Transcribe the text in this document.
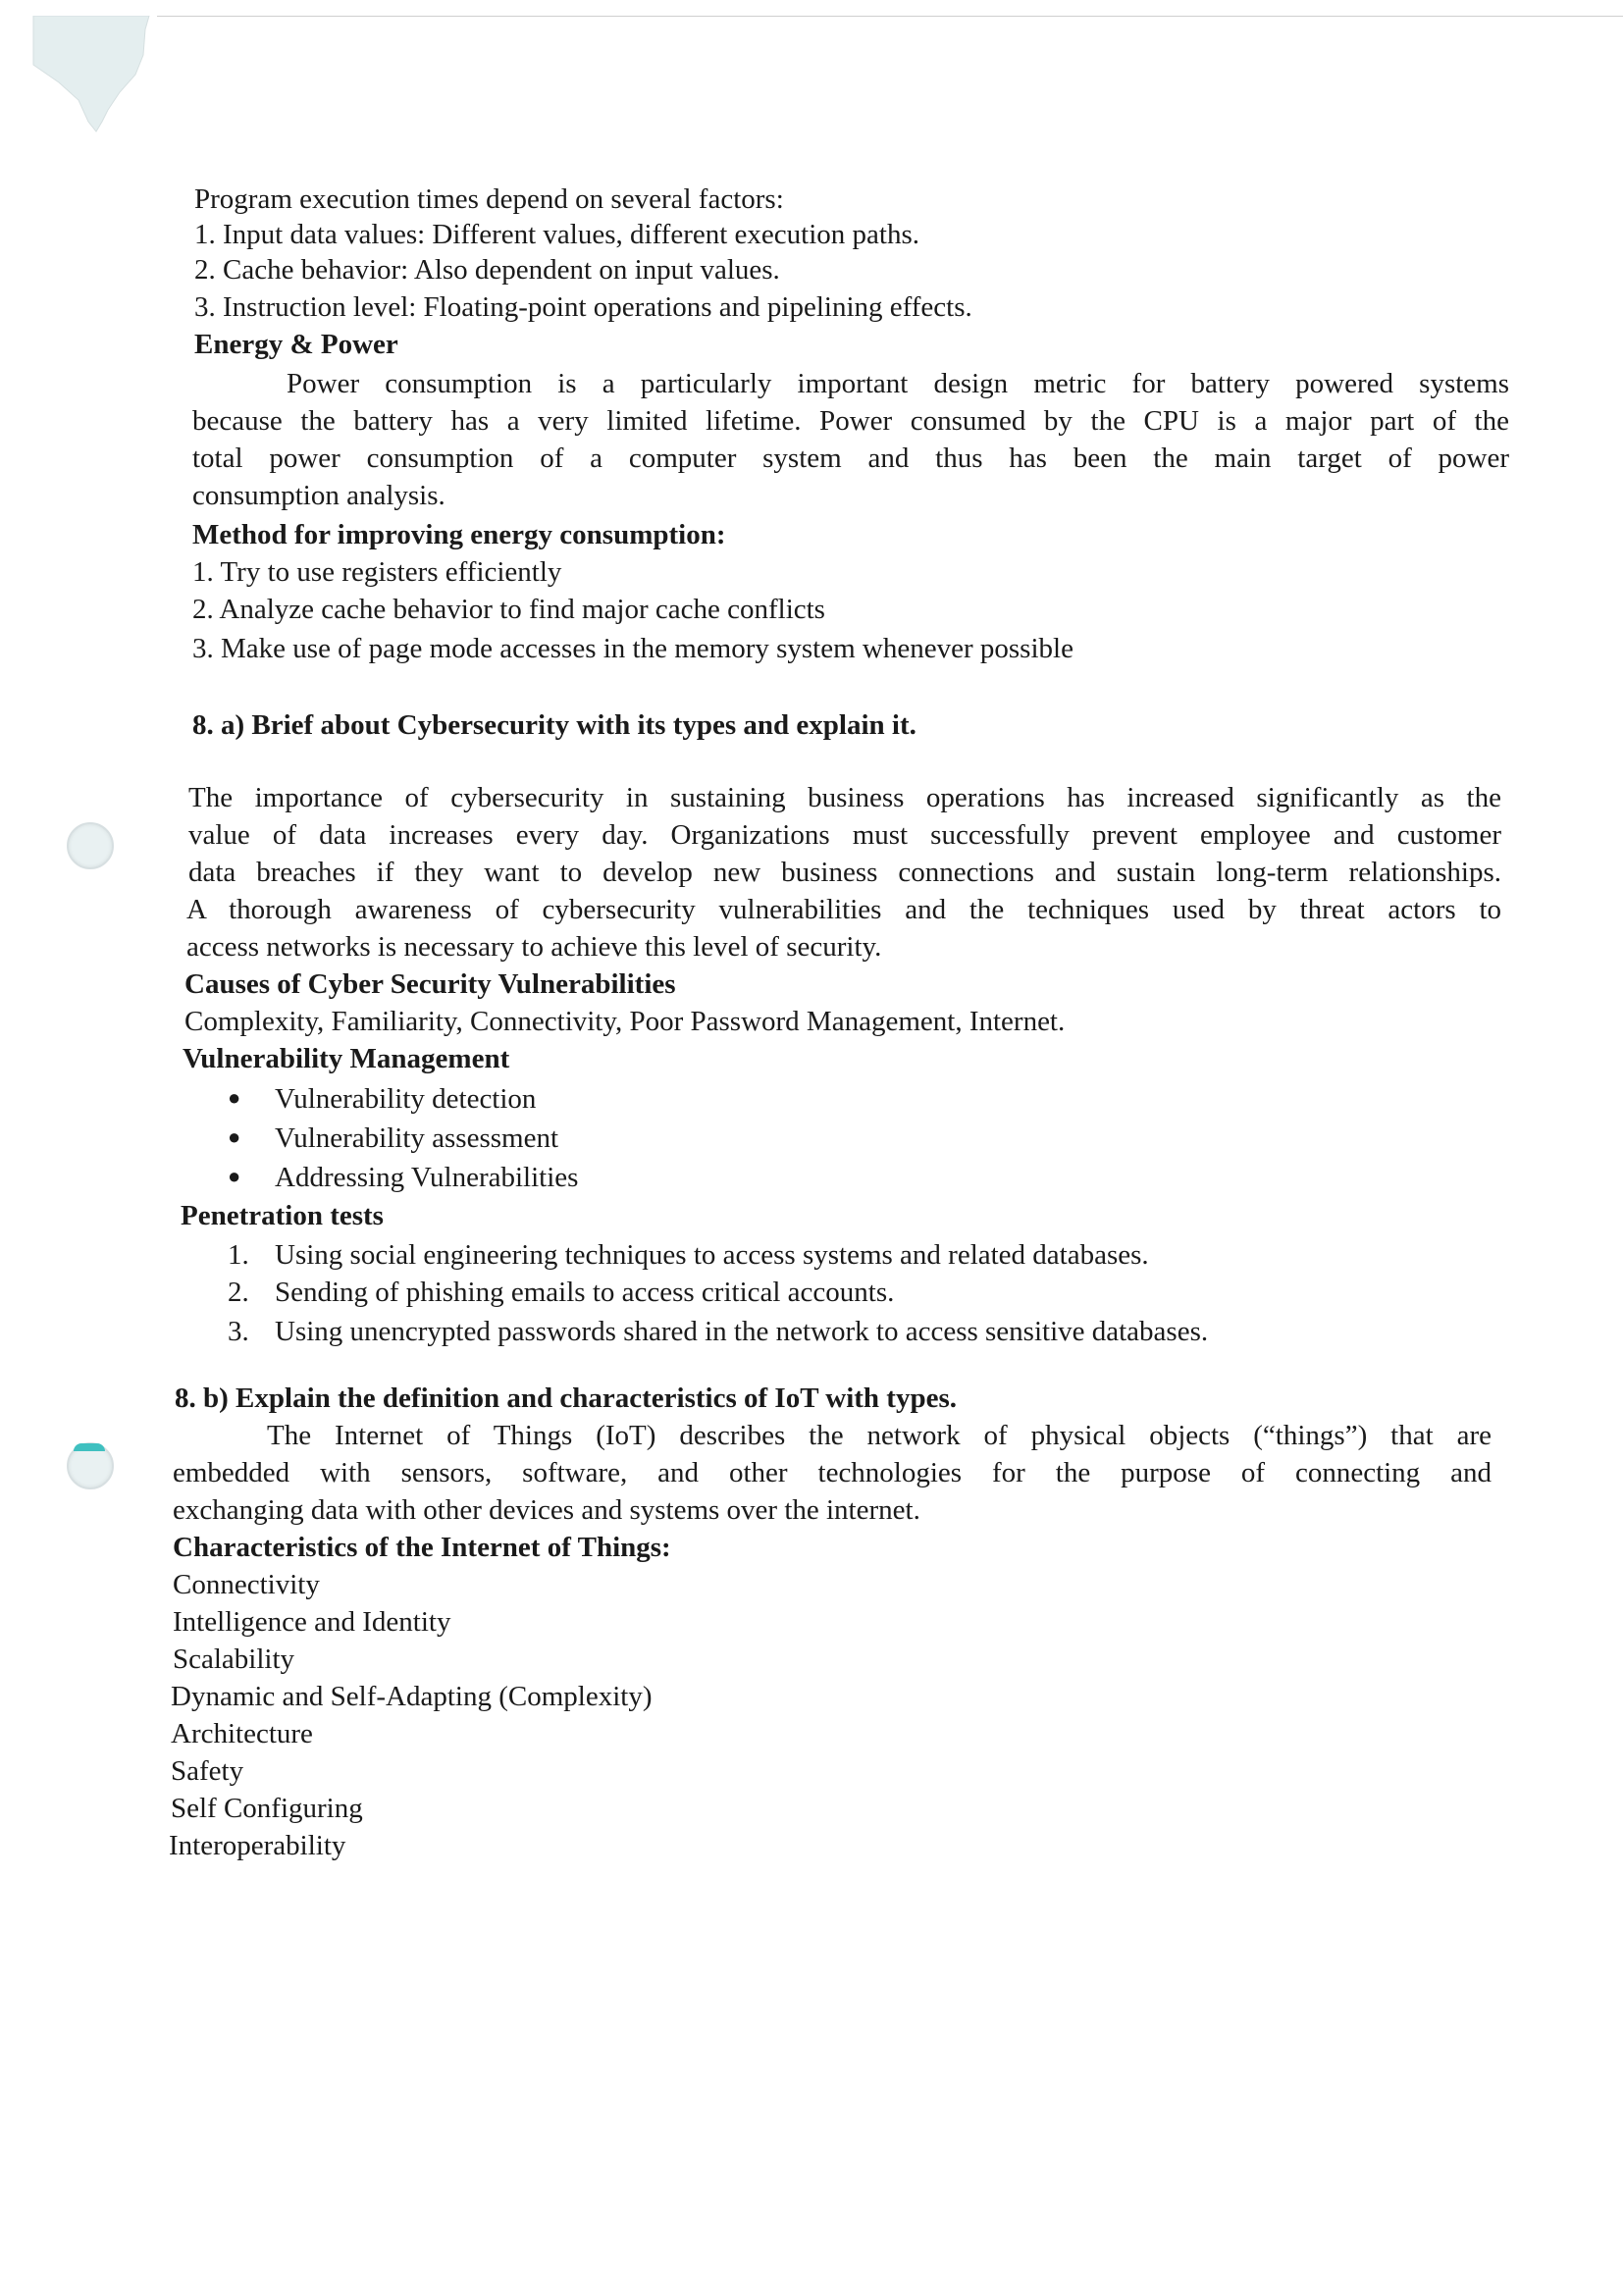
Program execution times depend on several factors:
1. Input data values: Different values, different execution paths.
2. Cache behavior: Also dependent on input values.
3. Instruction level: Floating-point operations and pipelining effects.
Energy & Power
Power consumption is a particularly important design metric for battery powered systems
because the battery has a very limited lifetime. Power consumed by the CPU is a major part of the
total power consumption of a computer system and thus has been the main target of power
consumption analysis.
Method for improving energy consumption:
1. Try to use registers efficiently
2. Analyze cache behavior to find major cache conflicts
3. Make use of page mode accesses in the memory system whenever possible
8. a) Brief about Cybersecurity with its types and explain it.
The importance of cybersecurity in sustaining business operations has increased significantly as the
value of data increases every day. Organizations must successfully prevent employee and customer
data breaches if they want to develop new business connections and sustain long-term relationships.
A thorough awareness of cybersecurity vulnerabilities and the techniques used by threat actors to
access networks is necessary to achieve this level of security.
Causes of Cyber Security Vulnerabilities
Complexity, Familiarity, Connectivity, Poor Password Management, Internet.
Vulnerability Management
● Vulnerability detection
● Vulnerability assessment
● Addressing Vulnerabilities
Penetration tests
1. Using social engineering techniques to access systems and related databases.
2. Sending of phishing emails to access critical accounts.
3. Using unencrypted passwords shared in the network to access sensitive databases.
8. b) Explain the definition and characteristics of IoT with types.
The Internet of Things (IoT) describes the network of physical objects (“things”) that are
embedded with sensors, software, and other technologies for the purpose of connecting and
exchanging data with other devices and systems over the internet.
Characteristics of the Internet of Things:
Connectivity
Intelligence and Identity
Scalability
Dynamic and Self-Adapting (Complexity)
Architecture
Safety
Self Configuring
Interoperability
